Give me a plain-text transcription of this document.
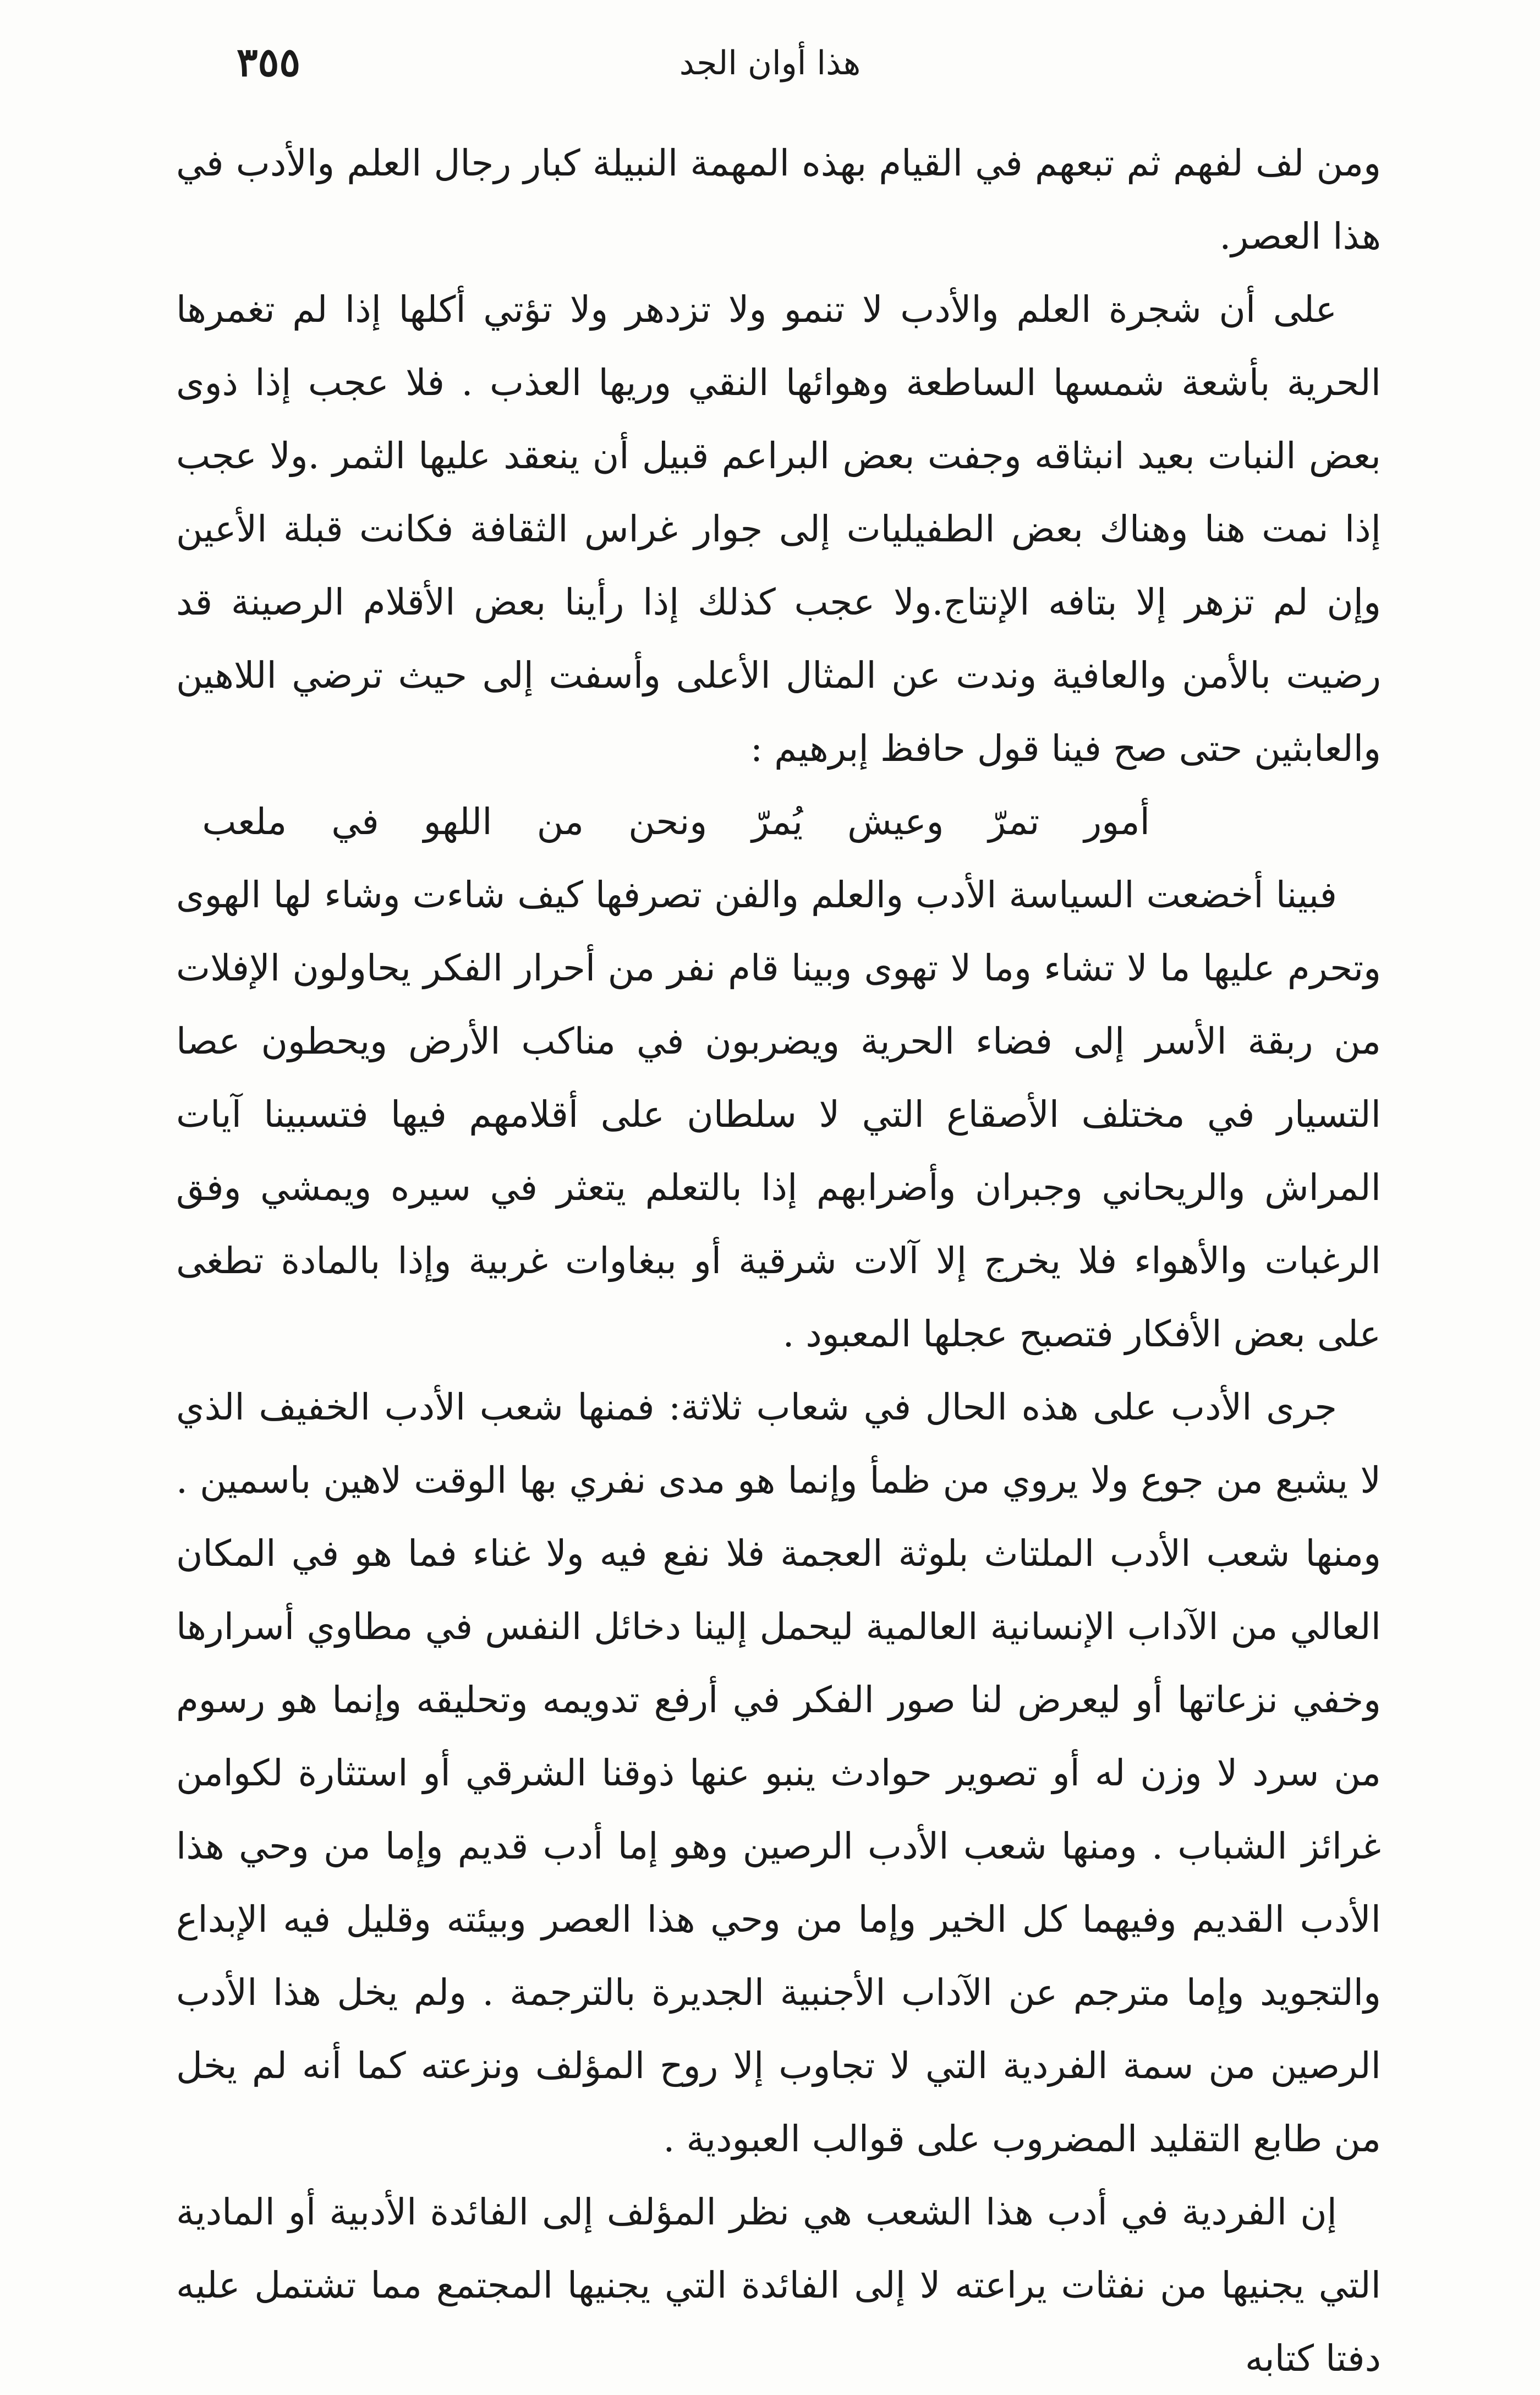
٣٥٥	هذا أوان الجد

ومن لف لفهم ثم تبعهم في القيام بهذه المهمة النبيلة كبار رجال العلم والأدب في هذا العصر.

على أن شجرة العلم والأدب لا تنمو ولا تزدهر ولا تؤتي أكلها إذا لم تغمرها الحرية بأشعة شمسها الساطعة وهوائها النقي وريها العذب . فلا عجب إذا ذوى بعض النبات بعيد انبثاقه وجفت بعض البراعم قبيل أن ينعقد عليها الثمر .ولا عجب إذا نمت هنا وهناك بعض الطفيليات إلى جوار غراس الثقافة فكانت قبلة الأعين وإن لم تزهر إلا بتافه الإنتاج.ولا عجب كذلك إذا رأينا بعض الأقلام الرصينة قد رضيت بالأمن والعافية وندت عن المثال الأعلى وأسفت إلى حيث ترضي اللاهين والعابثين حتى صح فينا قول حافظ إبرهيم :

أمور تمرّ وعيش يُمرّ ونحن من اللهو في ملعب

فبينا أخضعت السياسة الأدب والعلم والفن تصرفها كيف شاءت وشاء لها الهوى وتحرم عليها ما لا تشاء وما لا تهوى وبينا قام نفر من أحرار الفكر يحاولون الإفلات من ربقة الأسر إلى فضاء الحرية ويضربون في مناكب الأرض ويحطون عصا التسيار في مختلف الأصقاع التي لا سلطان على أقلامهم فيها فتسبينا آيات المراش والريحاني وجبران وأضرابهم إذا بالتعلم يتعثر في سيره ويمشي وفق الرغبات والأهواء فلا يخرج إلا آلات شرقية أو ببغاوات غربية وإذا بالمادة تطغى على بعض الأفكار فتصبح عجلها المعبود .

جرى الأدب على هذه الحال في شعاب ثلاثة: فمنها شعب الأدب الخفيف الذي لا يشبع من جوع ولا يروي من ظمأ وإنما هو مدى نفري بها الوقت لاهين باسمين . ومنها شعب الأدب الملتاث بلوثة العجمة فلا نفع فيه ولا غناء فما هو في المكان العالي من الآداب الإنسانية العالمية ليحمل إلينا دخائل النفس في مطاوي أسرارها وخفي نزعاتها أو ليعرض لنا صور الفكر في أرفع تدويمه وتحليقه وإنما هو رسوم من سرد لا وزن له أو تصوير حوادث ينبو عنها ذوقنا الشرقي أو استثارة لكوامن غرائز الشباب . ومنها شعب الأدب الرصين وهو إما أدب قديم وإما من وحي هذا الأدب القديم وفيهما كل الخير وإما من وحي هذا العصر وبيئته وقليل فيه الإبداع والتجويد وإما مترجم عن الآداب الأجنبية الجديرة بالترجمة . ولم يخل هذا الأدب الرصين من سمة الفردية التي لا تجاوب إلا روح المؤلف ونزعته كما أنه لم يخل من طابع التقليد المضروب على قوالب العبودية .

إن الفردية في أدب هذا الشعب هي نظر المؤلف إلى الفائدة الأدبية أو المادية التي يجنيها من نفثات يراعته لا إلى الفائدة التي يجنيها المجتمع مما تشتمل عليه دفتا كتابه
